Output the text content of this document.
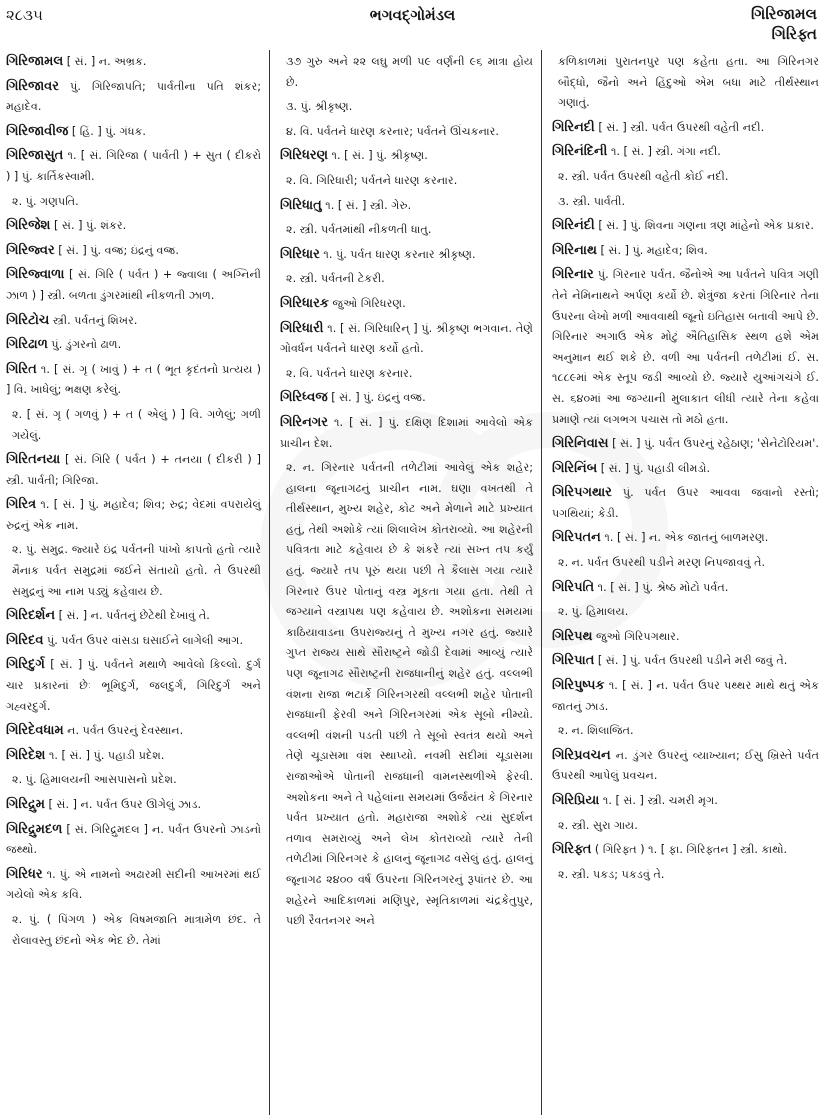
૨૮૩૫	ભગવદ્ગોમંડલ	ગિરિજામલ
ગિરિફ્ત

ગિરિજામલ [ સં. ] ન. અભ્રક.

ગિરિજાવર પું. ગિરિજાપતિ; પાર્વતીના પતિ શંકર; મહાદેવ.

ગિરિજાવીજ [ હિં. ] પું. ગંધક.

ગિરિજાસુત ૧. [ સં. ગિરિજા ( પાર્વતી ) + સુત ( દીકરો ) ] પું. કાર્તિકસ્વામી.

૨. પું. ગણપતિ.

ગિરિજેશ [ સં. ] પું. શંકર.

ગિરિજ્વર [ સં. ] પું. વજ્ર; ઇંદ્રનું વજ્ર.

ગિરિજ્વાળા [ સં. ગિરિ ( પર્વત ) + જ્વાલા ( અગ્નિની ઝાળ ) ] સ્ત્રી. બળતા ડુંગરમાંથી નીકળતી ઝાળ.

ગિરિટોચ સ્ત્રી. પર્વતનું શિખર.

ગિરિઢાળ પું. ડુંગરનો ઢાળ.

ગિરિત ૧. [ સં. ગૃ ( ખાવું ) + ત ( ભૂત કૃદંતનો પ્રત્યય ) ] વિ. ખાધેલું; ભક્ષણ કરેલું.

૨. [ સં. ગૃ ( ગળવું ) + ત ( એલું ) ] વિ. ગળેલું; ગળી ગયેલું.

ગિરિતનયા [ સં. ગિરિ ( પર્વત ) + તનયા ( દીકરી ) ] સ્ત્રી. પાર્વતી; ગિરિજા.

ગિરિત્ર ૧. [ સં. ] પું. મહાદેવ; શિવ; રુદ્ર; વેદમાં વપરાયેલું રુદ્રનું એક નામ.

૨. પું. સમુદ્ર. જ્યારે ઇંદ્ર પર્વતની પાંખો કાપતો હતો ત્યારે મૈનાક પર્વત સમુદ્રમાં જઈને સંતાયો હતો. તે ઉપરથી સમુદ્રનું આ નામ પડ્યું કહેવાય છે.

ગિરિદર્શન [ સં. ] ન. પર્વતનું છેટેથી દેખાવું તે.

ગિરિદવ પું. પર્વત ઉપર વાંસડા ઘસાઈને લાગેલી આગ.

ગિરિદુર્ગ [ સં. ] પું. પર્વતને મથાળે આવેલો કિલ્લો. દુર્ગ ચાર પ્રકારનાં છેઃ ભૂમિદુર્ગ, જલદુર્ગ, ગિરિદુર્ગ અને ગહ્વરદુર્ગ.

ગિરિદેવધામ ન. પર્વત ઉપરનું દેવસ્થાન.

ગિરિદેશ ૧. [ સં. ] પું. પહાડી પ્રદેશ.

૨. પું. હિમાલયની આસપાસનો પ્રદેશ.

ગિરિદ્રુમ [ સં. ] ન. પર્વત ઉપર ઊગેલું ઝાડ.

ગિરિદ્રુમદળ [ સં. ગિરિદ્રુમદલ ] ન. પર્વત ઉપરનો ઝાડનો જથ્થો.

ગિરિધર ૧. પું. એ નામનો અઢારમી સદીની આખરમાં થઈ ગયેલો એક કવિ.

૨. પું. ( પિંગળ ) એક વિષમજાતિ માત્રામેળ છંદ. તે રોલાવસ્તુ છંદનો એક ભેદ છે. તેમાં

૩૭ ગુરુ અને ૨૨ લઘુ મળી ૫૯ વર્ણની ૯૬ માત્રા હોય છે.

૩. પું. શ્રીકૃષ્ણ.

૪. વિ. પર્વતને ધારણ કરનાર; પર્વતને ઊંચકનાર.

ગિરિધરણ ૧. [ સં. ] પું. શ્રીકૃષ્ણ.

૨. વિ. ગિરિધારી; પર્વતને ધારણ કરનાર.

ગિરિધાતુ ૧. [ સં. ] સ્ત્રી. ગેરુ.

૨. સ્ત્રી. પર્વતમાંથી નીકળતી ધાતુ.

ગિરિધાર ૧. પું. પર્વત ધારણ કરનાર શ્રીકૃષ્ણ.

૨. સ્ત્રી. પર્વતની ટેકરી.

ગિરિધારક જુઓ ગિરિધરણ.

ગિરિધારી ૧. [ સં. ગિરિધારિન્ ] પું. શ્રીકૃષ્ણ ભગવાન. તેણે ગોવર્ધન પર્વતને ધારણ કર્યો હતો.

૨. વિ. પર્વતને ધારણ કરનાર.

ગિરિધ્વજ [ સં. ] પું. ઇંદ્રનું વજ્ર.

ગિરિનગર ૧. [ સં. ] પું. દક્ષિણ દિશામાં આવેલો એક પ્રાચીન દેશ.

૨. ન. ગિરનાર પર્વતની તળેટીમાં આવેલું એક શહેર; હાલના જૂનાગઢનું પ્રાચીન નામ. ઘણા વખતથી તે તીર્થસ્થાન, મુખ્ય શહેર, કોટ અને મેળાને માટે પ્રખ્યાત હતું, તેથી અશોકે ત્યાં શિલાલેખ કોતરાવ્યો. આ શહેરની પવિત્રતા માટે કહેવાય છે કે શંકરે ત્યાં સખ્ત તપ કર્યું હતું. જ્યારે તપ પૂરું થયા પછી તે કૈલાસ ગયા ત્યારે ગિરનાર ઉપર પોતાનું વસ્ત્ર મૂકતા ગયા હતા. તેથી તે જગ્યાને વસ્ત્રાપથ પણ કહેવાય છે. અશોકના સમયમાં કાઠિયાવાડના ઉપરાજ્યનું તે મુખ્ય નગર હતું. જ્યારે ગુપ્ત રાજ્ય સાથે સૌરાષ્ટ્રને જોડી દેવામાં આવ્યું ત્યારે પણ જૂનાગઢ સૌરાષ્ટ્રની રાજધાનીનું શહેર હતું. વલ્લભી વંશના રાજા ભટાર્કે ગિરિનગરથી વલ્લભી શહેર પોતાની રાજધાની ફેરવી અને ગિરિનગરમાં એક સૂબો નીમ્યો. વલ્લભી વંશની પડતી પછી તે સૂબો સ્વતંત્ર થયો અને તેણે ચૂડાસમા વંશ સ્થાપ્યો. નવમી સદીમાં ચૂડાસમા રાજાઓએ પોતાની રાજધાની વામનસ્થળીએ ફેરવી. અશોકના અને તે પહેલાંના સમયમાં ઉર્જયંત કે ગિરનાર પર્વત પ્રખ્યાત હતો. મહારાજા અશોકે ત્યાં સુદર્શન તળાવ સમરાવ્યું અને લેખ કોતરાવ્યો ત્યારે તેની તળેટીમાં ગિરિનગર કે હાલનું જૂનાગઢ વસેલું હતું. હાલનું જૂનાગઢ ૨૪૦૦ વર્ષ ઉપરના ગિરિનગરનું રૂપાંતર છે. આ શહેરને આદિકાળમાં મણિપુર, સ્મૃતિકાળમાં ચંદ્રકેતુપુર, પછી રૈવતનગર અને

કળિકાળમાં પુરાતનપુર પણ કહેતા હતા. આ ગિરિનગર બૌદ્ધો, જૈનો અને હિંદુઓ એમ બધા માટે તીર્થસ્થાન ગણાતું.

ગિરિનદી [ સં. ] સ્ત્રી. પર્વત ઉપરથી વહેતી નદી.

ગિરિનંદિની ૧. [ સં. ] સ્ત્રી. ગંગા નદી.

૨. સ્ત્રી. પર્વત ઉપરથી વહેતી કોઈ નદી.

૩. સ્ત્રી. પાર્વતી.

ગિરિનંદી [ સં. ] પું. શિવના ગણના ત્રણ માંહેનો એક પ્રકાર.

ગિરિનાથ [ સં. ] પું. મહાદેવ; શિવ.

ગિરિનાર પું. ગિરનાર પર્વત. જૈનોએ આ પર્વતને પવિત્ર ગણી તેને નેમિનાથને અર્પણ કર્યો છે. શેત્રુંજા કરતાં ગિરિનાર તેના ઉપરના લેખો મળી આવવાથી જૂનો ઇતિહાસ બતાવી આપે છે. ગિરિનાર અગાઉ એક મોટું ઐતિહાસિક સ્થળ હશે એમ અનુમાન થઈ શકે છે. વળી આ પર્વતની તળેટીમાં ઈ. સ. ૧૮૮૯માં એક સ્તૂપ જડી આવ્યો છે. જ્યારે યુઆંગચંગે ઈ. સ. ૬૪૦માં આ જગ્યાની મુલાકાત લીધી ત્યારે તેના કહેવા પ્રમાણે ત્યાં લગભગ પચાસ તો મઠો હતા.

ગિરિનિવાસ [ સં. ] પું. પર્વત ઉપરનું રહેઠાણ; 'સેનેટોરિયમ'.

ગિરિનિંબ [ સં. ] પું. પહાડી લીમડો.

ગિરિપગથાર પું. પર્વત ઉપર આવવા જવાનો રસ્તો; પગથિયાં; કેડી.

ગિરિપતન ૧. [ સં. ] ન. એક જાતનું બાળમરણ.

૨. ન. પર્વત ઉપરથી પડીને મરણ નિપજાવવું તે.

ગિરિપતિ ૧. [ સં. ] પું. શ્રેષ્ઠ મોટો પર્વત.

૨. પું. હિમાલય.

ગિરિપથ જુઓ ગિરિપગથાર.

ગિરિપાત [ સં. ] પું. પર્વત ઉપરથી પડીને મરી જવું તે.

ગિરિપુષ્પક ૧. [ સં. ] ન. પર્વત ઉપર પથ્થર માથે થતું એક જાતનું ઝાડ.

૨. ન. શિલાજિત.

ગિરિપ્રવચન ન. ડુંગર ઉપરનું વ્યાખ્યાન; ઈસુ ખ્રિસ્તે પર્વત ઉપરથી આપેલું પ્રવચન.

ગિરિપ્રિયા ૧. [ સં. ] સ્ત્રી. ચમરી મૃગ.

૨. સ્ત્રી. સુરા ગાય.

ગિરિફ્ત ( ગિરિફ્ત ) ૧. [ ફા. ગિરિફ્તન ] સ્ત્રી. કાથો.

૨. સ્ત્રી. પકડ; પકડવું તે.
